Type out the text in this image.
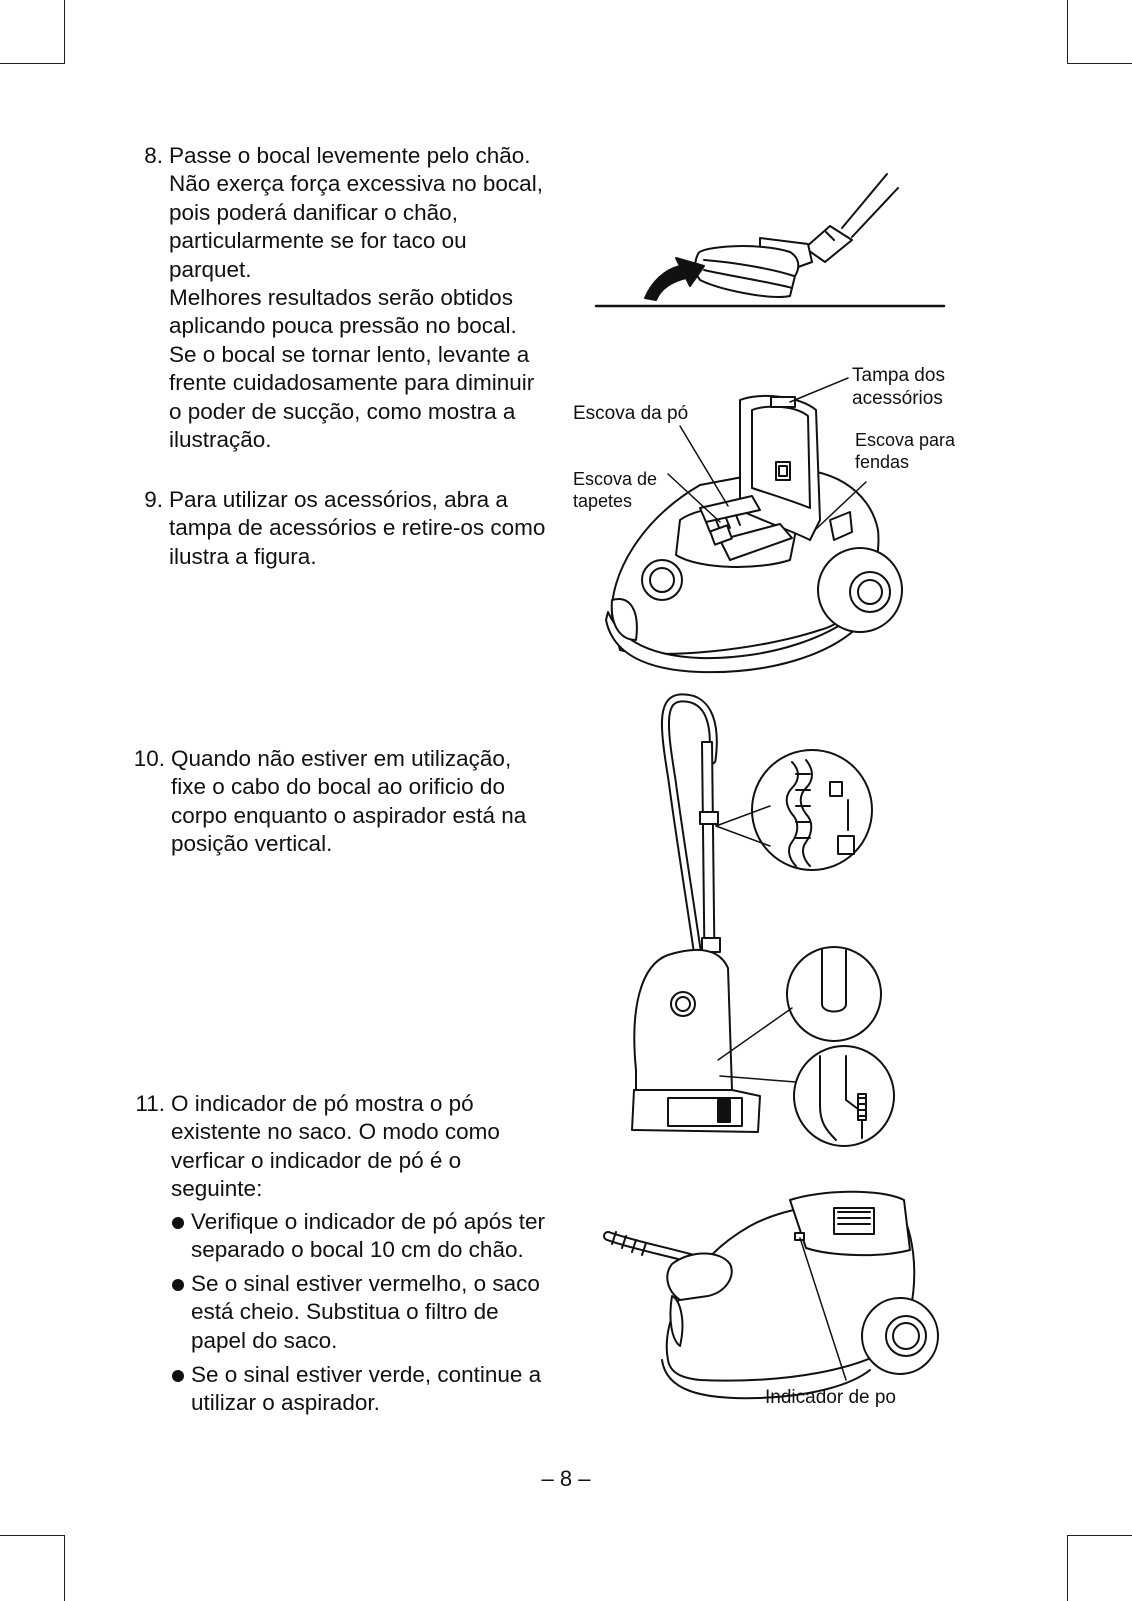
8. Passe o bocal levemente pelo chão.
Não exerça força excessiva no bocal,
pois poderá danificar o chão,
particularmente se for taco ou
parquet.
Melhores resultados serão obtidos
aplicando pouca pressão no bocal.
Se o bocal se tornar lento, levante a
frente cuidadosamente para diminuir
o poder de sucção, como mostra a
ilustração.
9. Para utilizar os acessórios, abra a
tampa de acessórios e retire-os como
ilustra a figura.
10. Quando não estiver em utilização,
fixe o cabo do bocal ao orificio do
corpo enquanto o aspirador está na
posição vertical.
11. O indicador de pó mostra o pó
existente no saco. O modo como
verficar o indicador de pó é o
seguinte:
Verifique o indicador de pó após ter
separado o bocal 10 cm do chão.
Se o sinal estiver vermelho, o saco
está cheio. Substitua o filtro de
papel do saco.
Se o sinal estiver verde, continue a
utilizar o aspirador.
Escova da pó
Tampa dos
acessórios
Escova para
fendas
Escova de
tapetes
Indicador de po
– 8 –
